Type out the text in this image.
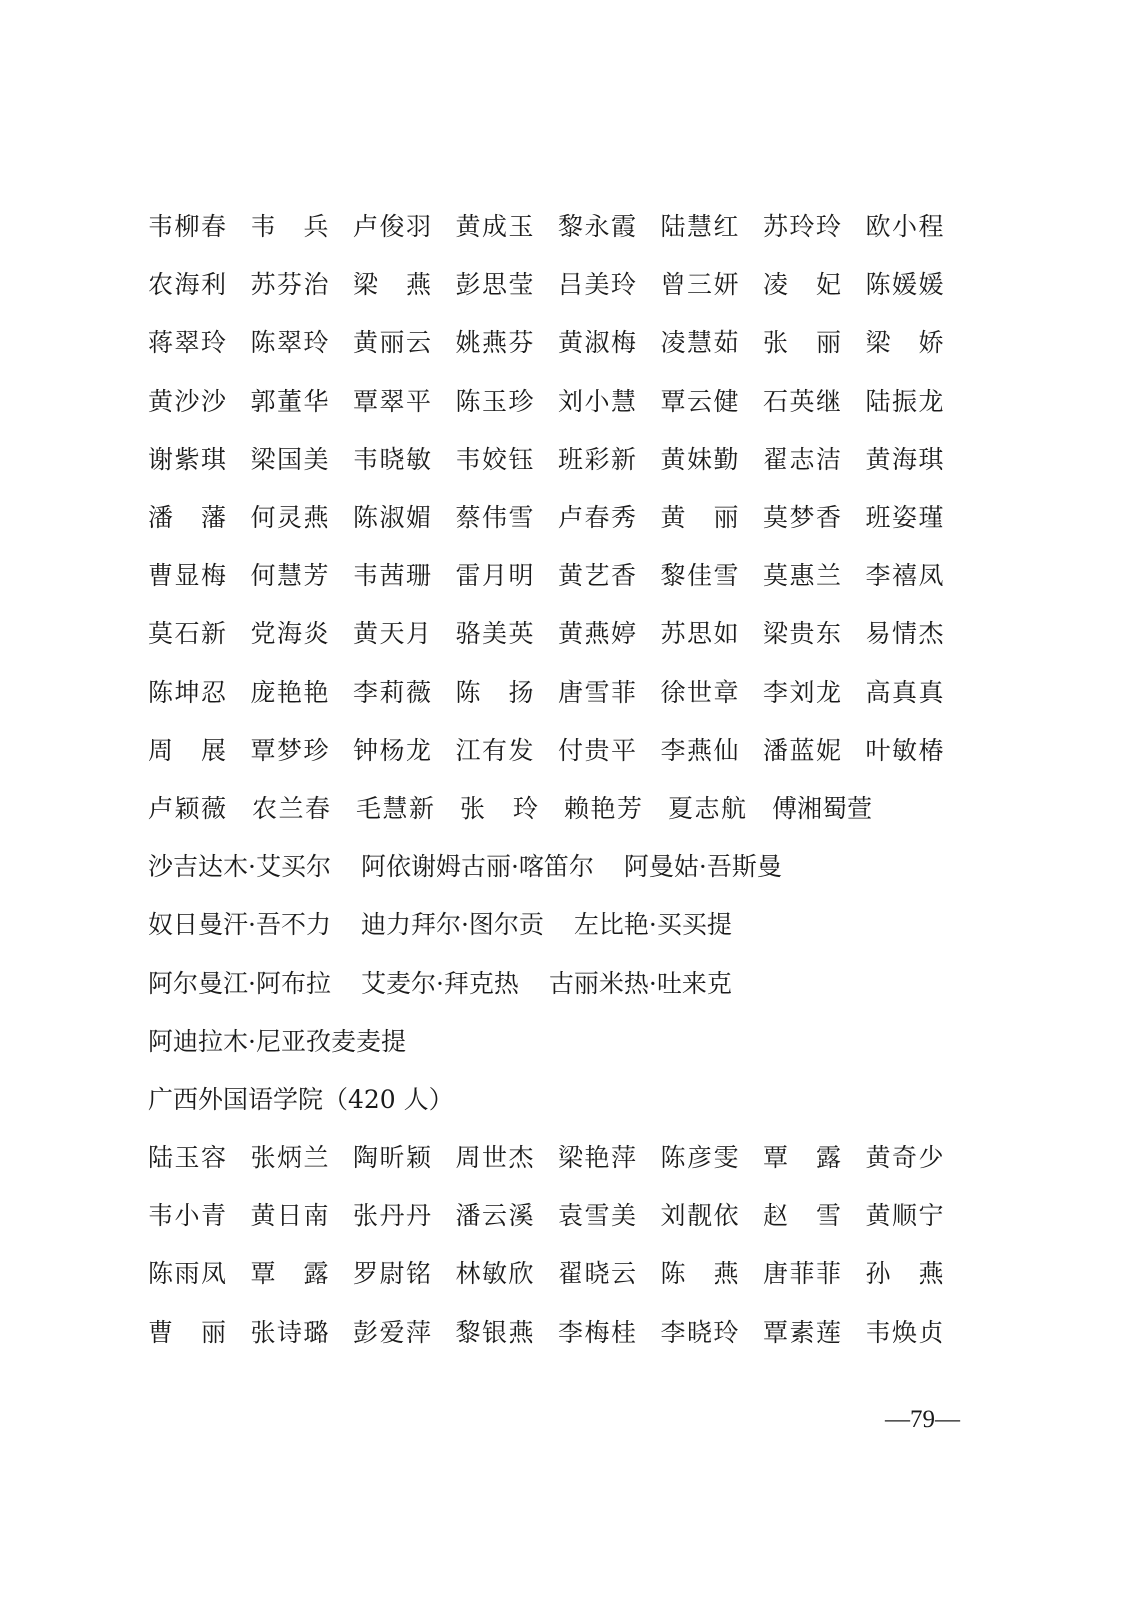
韦柳春 韦　兵 卢俊羽 黄成玉 黎永霞 陆慧红 苏玲玲 欧小程
农海利 苏芬治 梁　燕 彭思莹 吕美玲 曾三妍 凌　妃 陈媛媛
蒋翠玲 陈翠玲 黄丽云 姚燕芬 黄淑梅 凌慧茹 张　丽 梁　娇
黄沙沙 郭董华 覃翠平 陈玉珍 刘小慧 覃云健 石英继 陆振龙
谢紫琪 梁国美 韦晓敏 韦姣钰 班彩新 黄妹勤 翟志洁 黄海琪
潘　藩 何灵燕 陈淑媚 蔡伟雪 卢春秀 黄　丽 莫梦香 班姿瑾
曹显梅 何慧芳 韦茜珊 雷月明 黄艺香 黎佳雪 莫惠兰 李禧凤
莫石新 党海炎 黄天月 骆美英 黄燕婷 苏思如 梁贵东 易情杰
陈坤忍 庞艳艳 李莉薇 陈　扬 唐雪菲 徐世章 李刘龙 高真真
周　展 覃梦珍 钟杨龙 江有发 付贵平 李燕仙 潘蓝妮 叶敏椿
卢颖薇	农兰春	毛慧新	张　玲	赖艳芳	夏志航	傅湘蜀萱
沙吉达木·艾买尔 阿依谢姆古丽·喀笛尔 阿曼姑·吾斯曼
奴日曼汗·吾不力 迪力拜尔·图尔贡 左比艳·买买提
阿尔曼江·阿布拉 艾麦尔·拜克热 古丽米热·吐来克
阿迪拉木·尼亚孜麦麦提
广西外国语学院（420 人）
陆玉容 张炳兰 陶昕颖 周世杰 梁艳萍 陈彦雯 覃　露 黄奇少
韦小青 黄日南 张丹丹 潘云溪 袁雪美 刘靓依 赵　雪 黄顺宁
陈雨凤 覃　露 罗尉铭 林敏欣 翟晓云 陈　燕 唐菲菲 孙　燕
曹　丽 张诗璐 彭爱萍 黎银燕 李梅桂 李晓玲 覃素莲 韦焕贞
—79—
